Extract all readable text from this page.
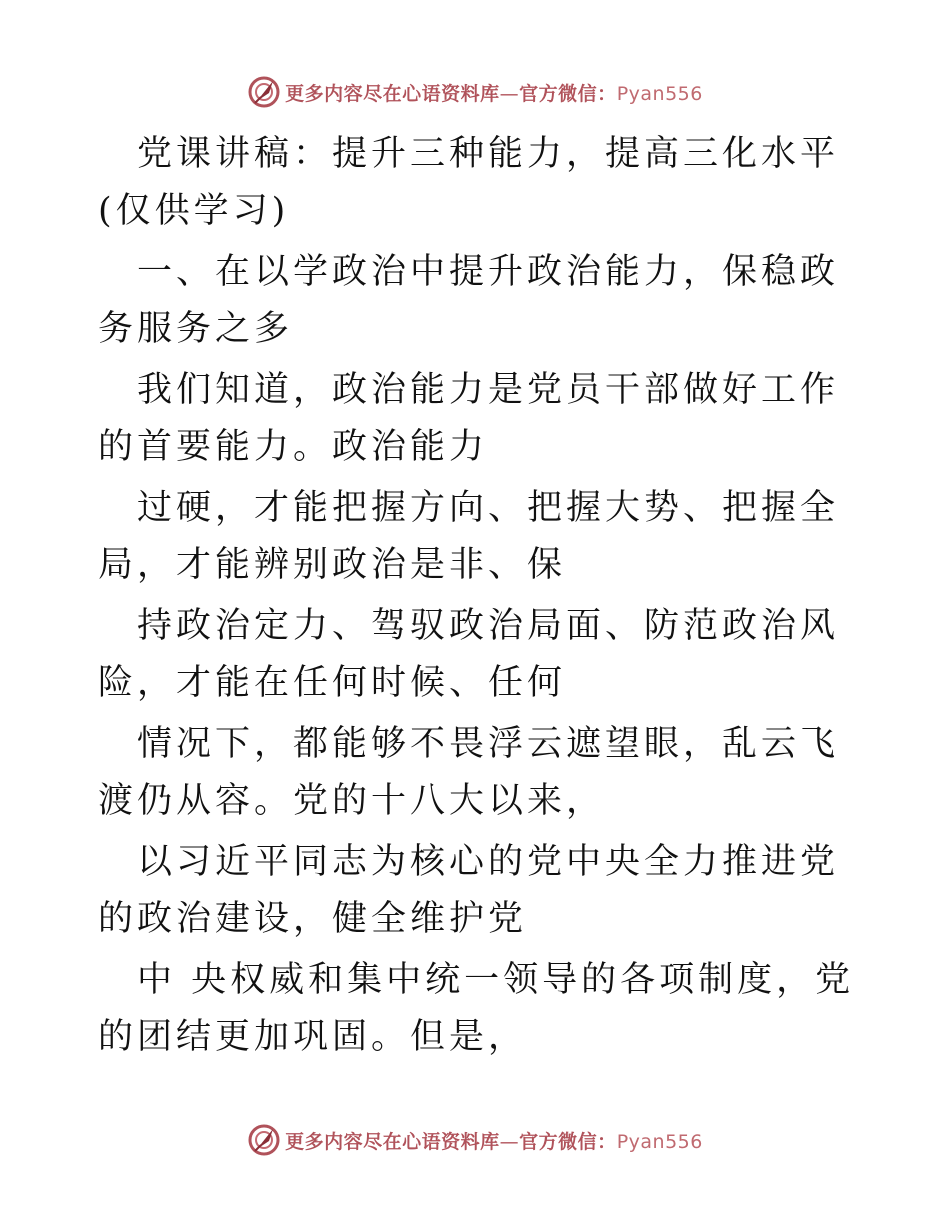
更多内容尽在心语资料库—官方微信：Pyan556

党课讲稿：提升三种能力，提高三化水平(仅供学习)

一、在以学政治中提升政治能力，保稳政务服务之多

我们知道，政治能力是党员干部做好工作的首要能力。政治能力

过硬，才能把握方向、把握大势、把握全局，才能辨别政治是非、保

持政治定力、驾驭政治局面、防范政治风险，才能在任何时候、任何

情况下，都能够不畏浮云遮望眼，乱云飞渡仍从容。党的十八大以来，

以习近平同志为核心的党中央全力推进党的政治建设，健全维护党

中 央权威和集中统一领导的各项制度，党的团结更加巩固。但是，

更多内容尽在心语资料库—官方微信：Pyan556
